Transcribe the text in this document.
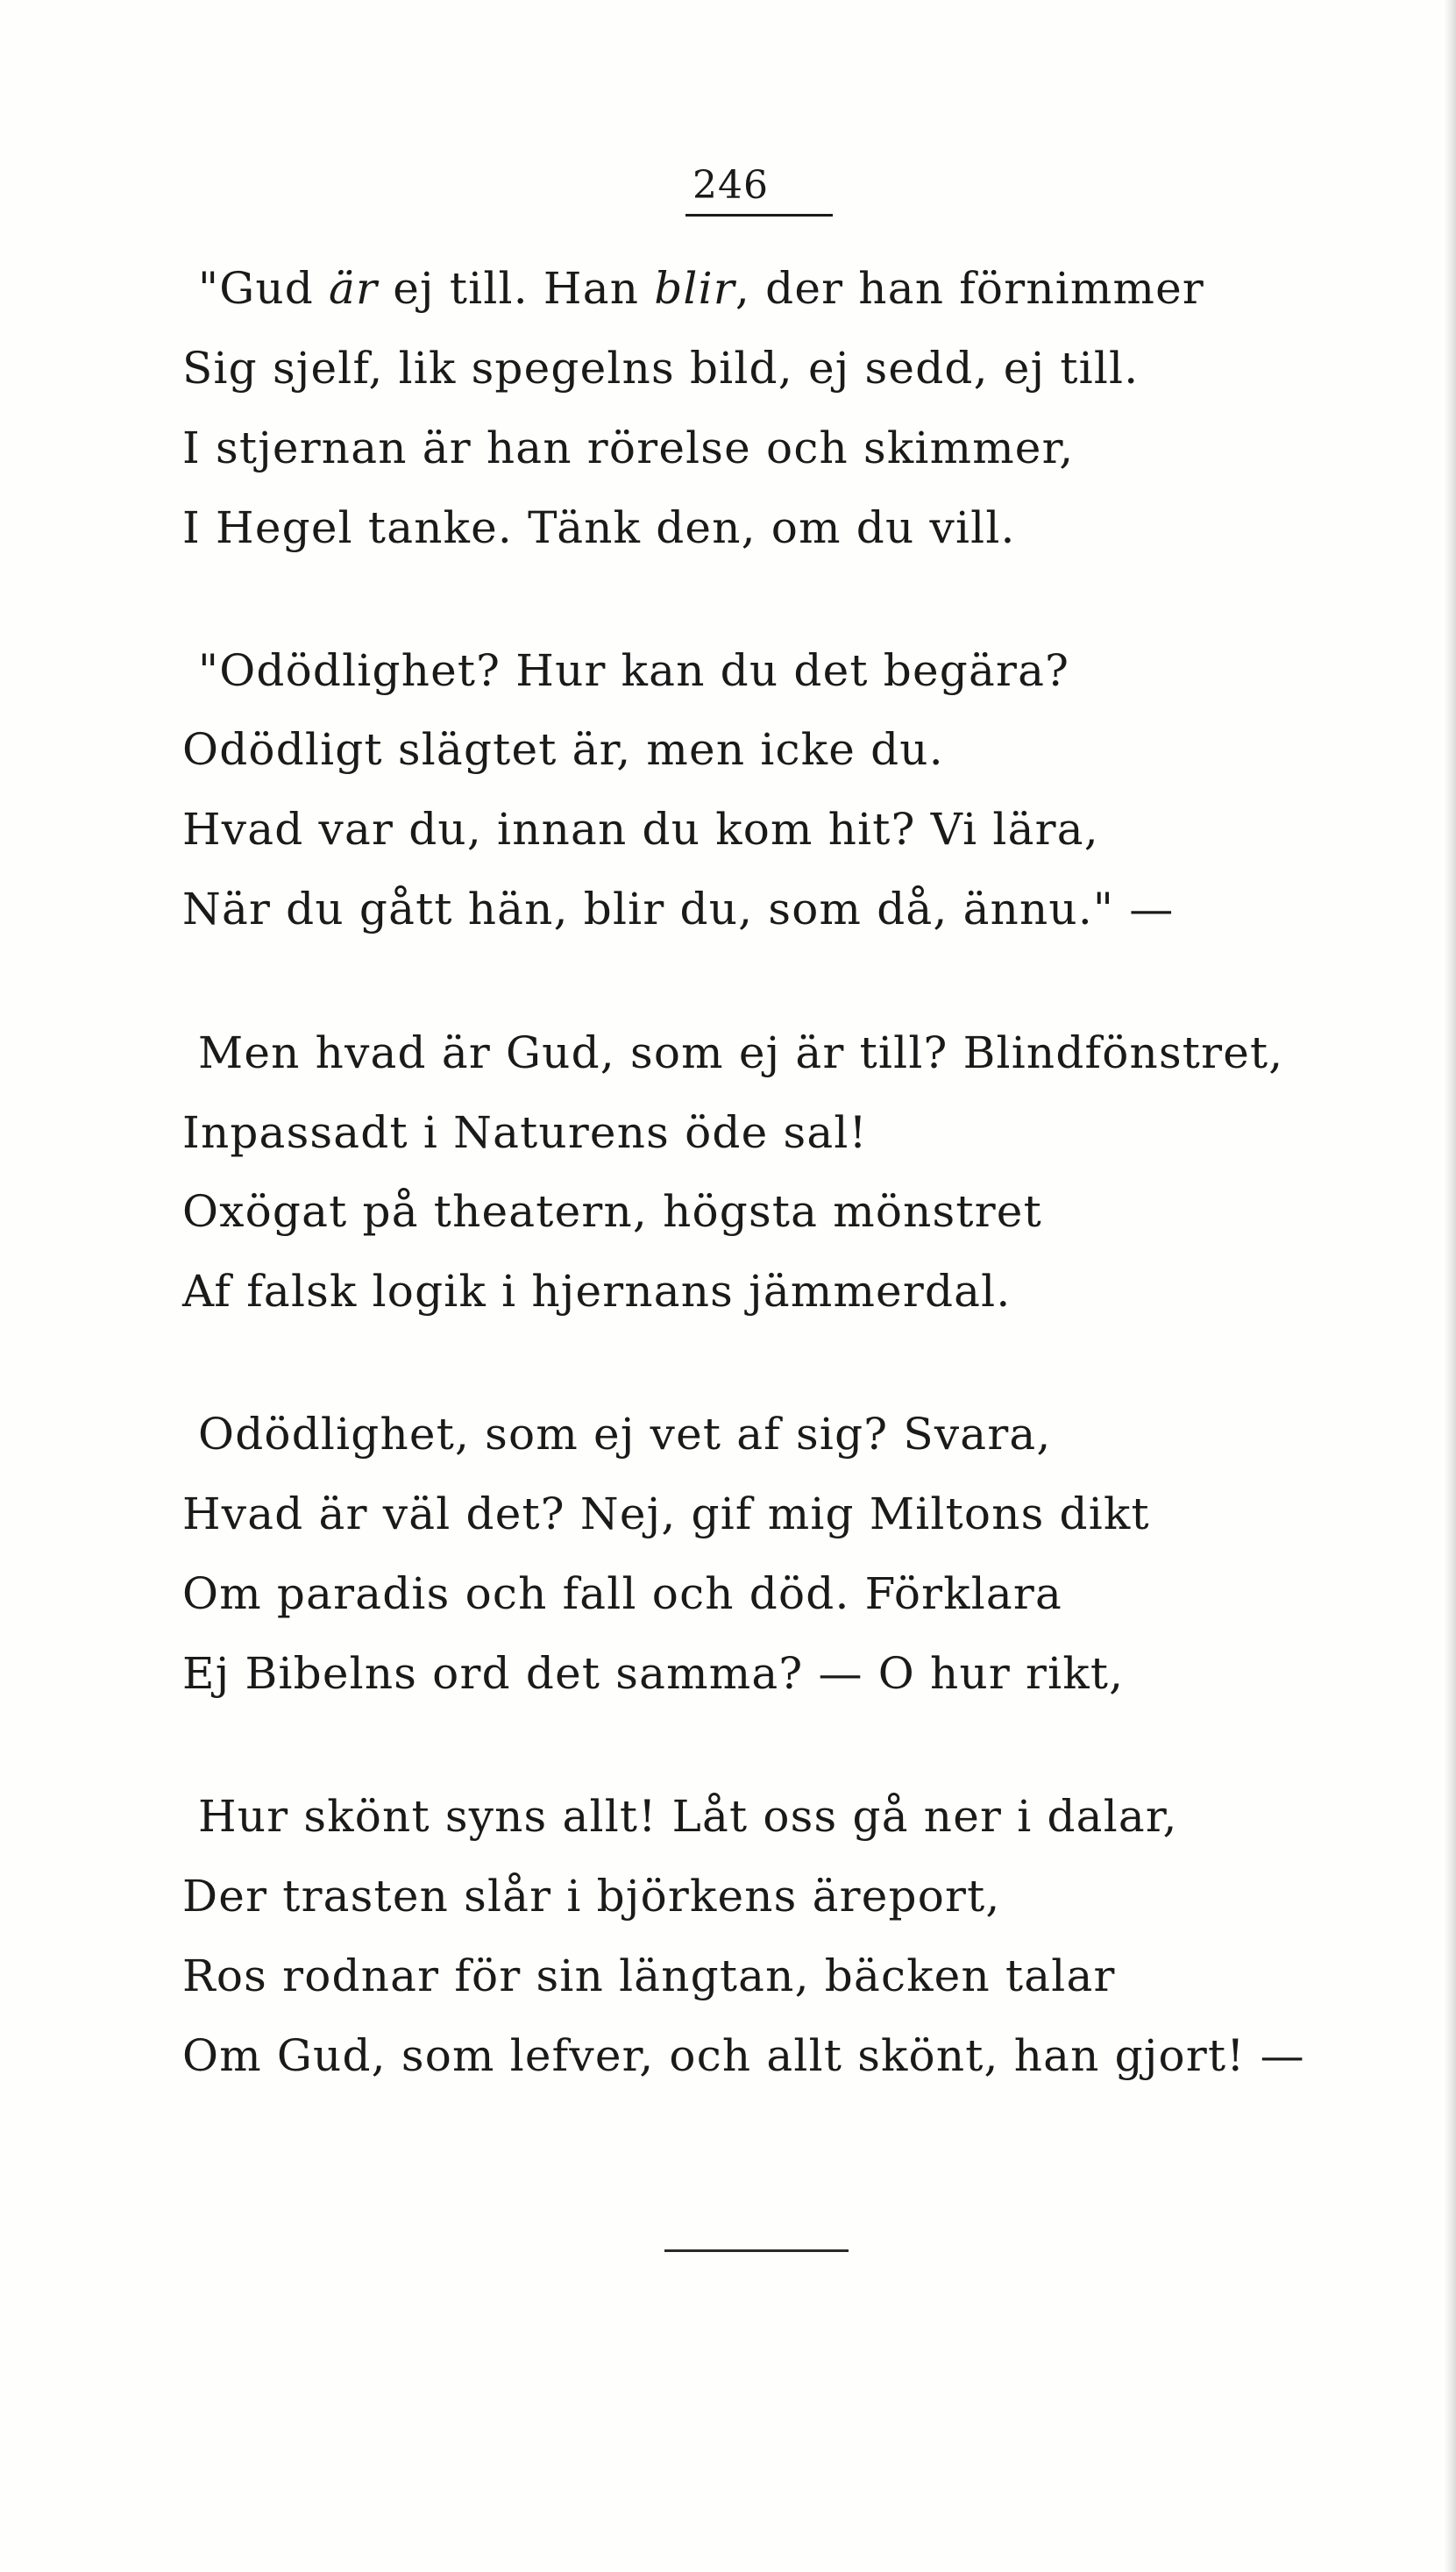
246
"Gud är ej till. Han blir, der han förnimmer
Sig sjelf, lik spegelns bild, ej sedd, ej till.
I stjernan är han rörelse och skimmer,
I Hegel tanke. Tänk den, om du vill.
"Odödlighet? Hur kan du det begära?
Odödligt slägtet är, men icke du.
Hvad var du, innan du kom hit? Vi lära,
När du gått hän, blir du, som då, ännu." —
Men hvad är Gud, som ej är till? Blindfönstret,
Inpassadt i Naturens öde sal!
Oxögat på theatern, högsta mönstret
Af falsk logik i hjernans jämmerdal.
Odödlighet, som ej vet af sig? Svara,
Hvad är väl det? Nej, gif mig Miltons dikt
Om paradis och fall och död. Förklara
Ej Bibelns ord det samma? — O hur rikt,
Hur skönt syns allt! Låt oss gå ner i dalar,
Der trasten slår i björkens äreport,
Ros rodnar för sin längtan, bäcken talar
Om Gud, som lefver, och allt skönt, han gjort! —
